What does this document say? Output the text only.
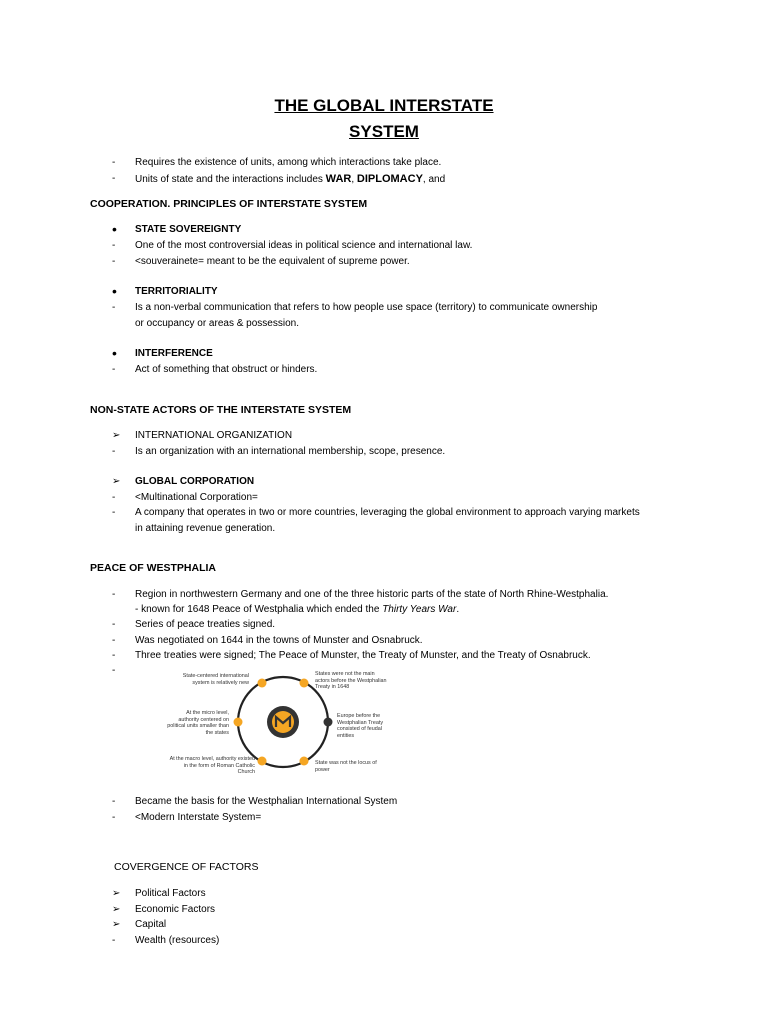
THE GLOBAL INTERSTATE
SYSTEM
-	Requires the existence of units, among which interactions take place.
-	Units of state and the interactions includes WAR, DIPLOMACY, and
COOPERATION. PRINCIPLES OF INTERSTATE SYSTEM
•	STATE SOVEREIGNTY
-	One of the most controversial ideas in political science and international law.
-	<souverainete= meant to be the equivalent of supreme power.
•	TERRITORIALITY
-	Is a non-verbal communication that refers to how people use space (territory) to communicate ownership
or occupancy or areas & possession.
•	INTERFERENCE
-	Act of something that obstruct or hinders.
NON-STATE ACTORS OF THE INTERSTATE SYSTEM
➢	INTERNATIONAL ORGANIZATION
-	Is an organization with an international membership, scope, presence.
➢	GLOBAL CORPORATION
-	<Multinational Corporation=
-	A company that operates in two or more countries, leveraging the global environment to approach varying markets
in attaining revenue generation.
PEACE OF WESTPHALIA
-	Region in northwestern Germany and one of the three historic parts of the state of North Rhine-Westphalia.
- known for 1648 Peace of Westphalia which ended the Thirty Years War.
-	Series of peace treaties signed.
-	Was negotiated on 1644 in the towns of Munster and Osnabruck.
-	Three treaties were signed; The Peace of Munster, the Treaty of Munster, and the Treaty of Osnabruck.
-	State-centered international system is relatively new
States were not the main actors before the Westphalian Treaty in 1648
At the micro level, authority centered on political units smaller than the states
Europe before the Westphalian Treaty consisted of feudal entities
At the macro level, authority existed in the form of Roman Catholic Church
State was not the locus of power
-	Became the basis for the Westphalian International System
-	<Modern Interstate System=
COVERGENCE OF FACTORS
➢	Political Factors
➢	Economic Factors
➢	Capital
-	Wealth (resources)
